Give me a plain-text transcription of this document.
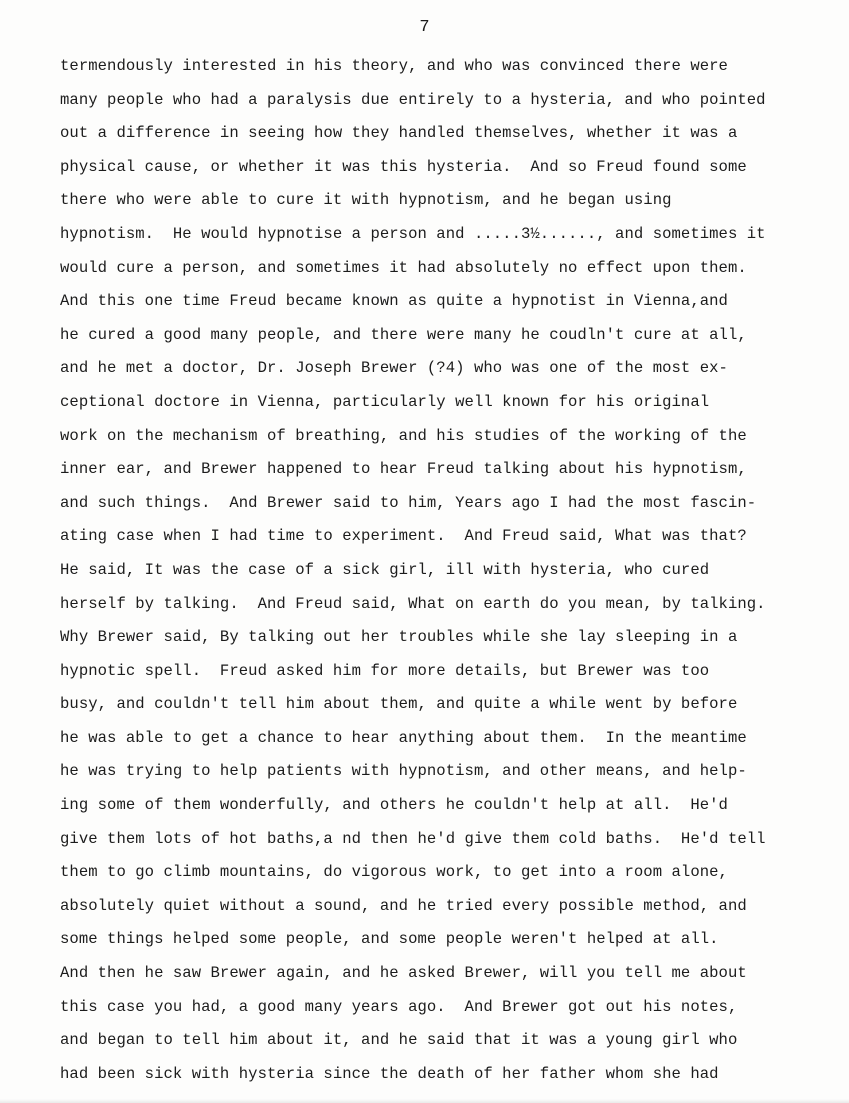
7
termendously interested in his theory, and who was convinced there were
many people who had a paralysis due entirely to a hysteria, and who pointed
out a difference in seeing how they handled themselves, whether it was a
physical cause, or whether it was this hysteria.  And so Freud found some
there who were able to cure it with hypnotism, and he began using
hypnotism.  He would hypnotise a person and .....3½......, and sometimes it
would cure a person, and sometimes it had absolutely no effect upon them.
And this one time Freud became known as quite a hypnotist in Vienna,and
he cured a good many people, and there were many he coudln't cure at all,
and he met a doctor, Dr. Joseph Brewer (?4) who was one of the most ex-
ceptional doctore in Vienna, particularly well known for his original
work on the mechanism of breathing, and his studies of the working of the
inner ear, and Brewer happened to hear Freud talking about his hypnotism,
and such things.  And Brewer said to him, Years ago I had the most fascin-
ating case when I had time to experiment.  And Freud said, What was that?
He said, It was the case of a sick girl, ill with hysteria, who cured
herself by talking.  And Freud said, What on earth do you mean, by talking.
Why Brewer said, By talking out her troubles while she lay sleeping in a
hypnotic spell.  Freud asked him for more details, but Brewer was too
busy, and couldn't tell him about them, and quite a while went by before
he was able to get a chance to hear anything about them.  In the meantime
he was trying to help patients with hypnotism, and other means, and help-
ing some of them wonderfully, and others he couldn't help at all.  He'd
give them lots of hot baths,a nd then he'd give them cold baths.  He'd tell
them to go climb mountains, do vigorous work, to get into a room alone,
absolutely quiet without a sound, and he tried every possible method, and
some things helped some people, and some people weren't helped at all.
And then he saw Brewer again, and he asked Brewer, will you tell me about
this case you had, a good many years ago.  And Brewer got out his notes,
and began to tell him about it, and he said that it was a young girl who
had been sick with hysteria since the death of her father whom she had
